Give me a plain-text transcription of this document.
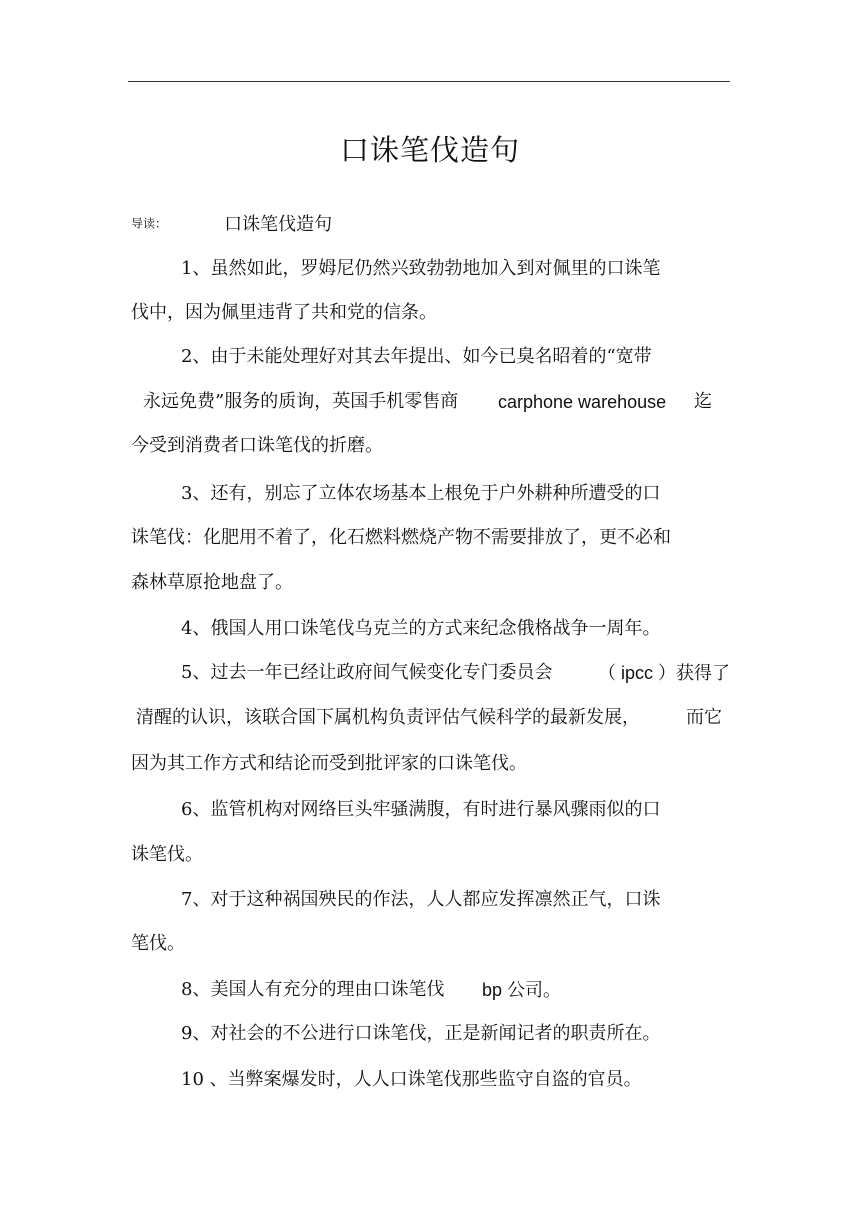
口诛笔伐造句
导读：	口诛笔伐造句
1、虽然如此，罗姆尼仍然兴致勃勃地加入到对佩里的口诛笔
伐中，因为佩里违背了共和党的信条。
2、由于未能处理好对其去年提出、如今已臭名昭着的“宽带
永远免费”服务的质询，英国手机零售商 carphone warehouse 迄
今受到消费者口诛笔伐的折磨。
3、还有，别忘了立体农场基本上根免于户外耕种所遭受的口
诛笔伐：化肥用不着了，化石燃料燃烧产物不需要排放了，更不必和
森林草原抢地盘了。
4、俄国人用口诛笔伐乌克兰的方式来纪念俄格战争一周年。
5、过去一年已经让政府间气候变化专门委员会	（ ipcc ）获得了
清醒的认识，该联合国下属机构负责评估气候科学的最新发展，	而它
因为其工作方式和结论而受到批评家的口诛笔伐。
6、监管机构对网络巨头牢骚满腹，有时进行暴风骤雨似的口
诛笔伐。
7、对于这种祸国殃民的作法，人人都应发挥凛然正气，口诛
笔伐。
8、美国人有充分的理由口诛笔伐 bp 公司。
9、对社会的不公进行口诛笔伐，正是新闻记者的职责所在。
10 、当弊案爆发时，人人口诛笔伐那些监守自盗的官员。
